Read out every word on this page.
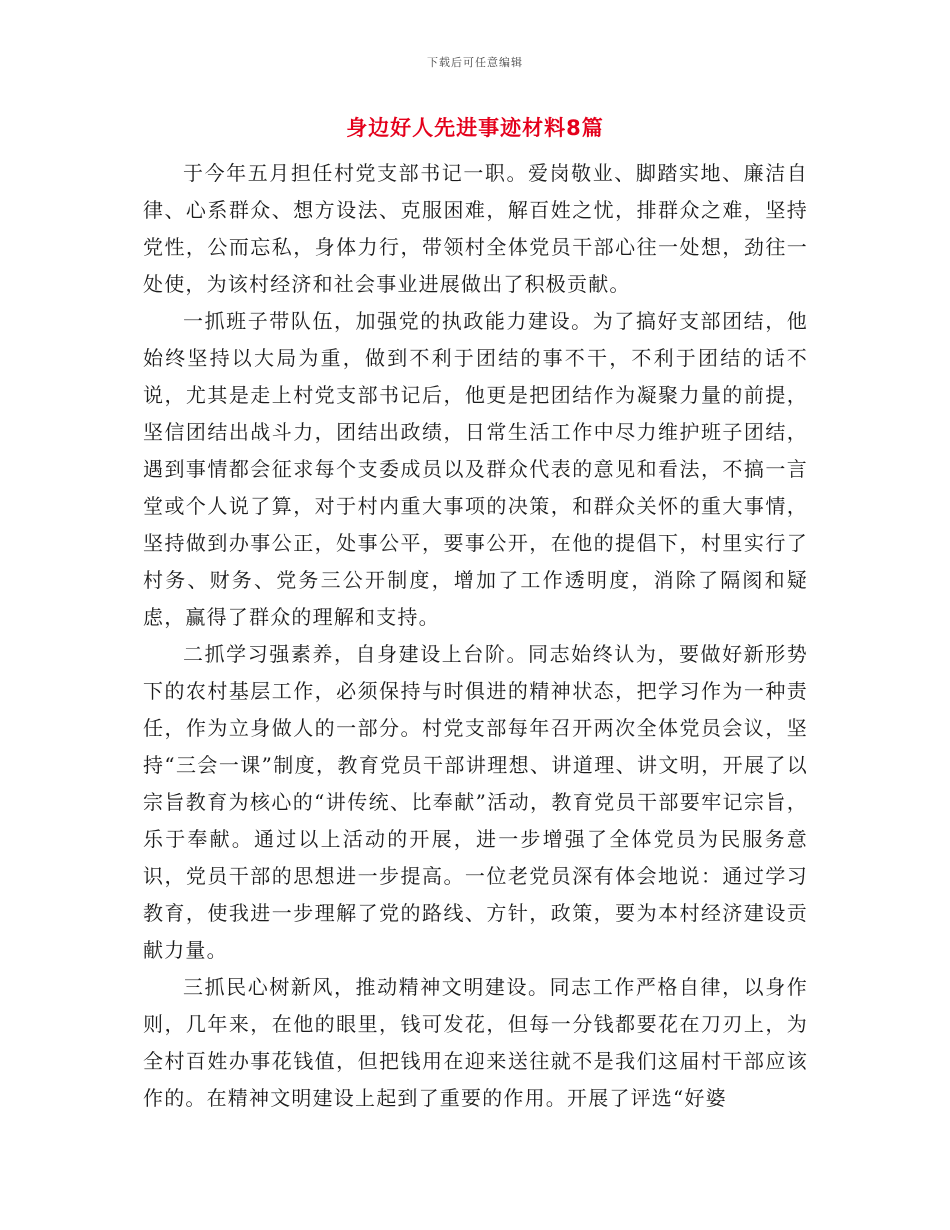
下载后可任意编辑
身边好人先进事迹材料8篇

于今年五月担任村党支部书记一职。爱岗敬业、脚踏实地、廉洁自律、心系群众、想方设法、克服困难，解百姓之忧，排群众之难，坚持党性，公而忘私，身体力行，带领村全体党员干部心往一处想，劲往一处使，为该村经济和社会事业进展做出了积极贡献。

一抓班子带队伍，加强党的执政能力建设。为了搞好支部团结，他始终坚持以大局为重，做到不利于团结的事不干，不利于团结的话不说，尤其是走上村党支部书记后，他更是把团结作为凝聚力量的前提，坚信团结出战斗力，团结出政绩，日常生活工作中尽力维护班子团结，遇到事情都会征求每个支委成员以及群众代表的意见和看法，不搞一言堂或个人说了算，对于村内重大事项的决策，和群众关怀的重大事情，坚持做到办事公正，处事公平，要事公开，在他的提倡下，村里实行了村务、财务、党务三公开制度，增加了工作透明度，消除了隔阂和疑虑，赢得了群众的理解和支持。

二抓学习强素养，自身建设上台阶。同志始终认为，要做好新形势下的农村基层工作，必须保持与时俱进的精神状态，把学习作为一种责任，作为立身做人的一部分。村党支部每年召开两次全体党员会议，坚持“三会一课”制度，教育党员干部讲理想、讲道理、讲文明，开展了以宗旨教育为核心的“讲传统、比奉献”活动，教育党员干部要牢记宗旨，乐于奉献。通过以上活动的开展，进一步增强了全体党员为民服务意识，党员干部的思想进一步提高。一位老党员深有体会地说：通过学习教育，使我进一步理解了党的路线、方针，政策，要为本村经济建设贡献力量。

三抓民心树新风，推动精神文明建设。同志工作严格自律，以身作则，几年来，在他的眼里，钱可发花，但每一分钱都要花在刀刃上，为全村百姓办事花钱值，但把钱用在迎来送往就不是我们这届村干部应该作的。在精神文明建设上起到了重要的作用。开展了评选“好婆
